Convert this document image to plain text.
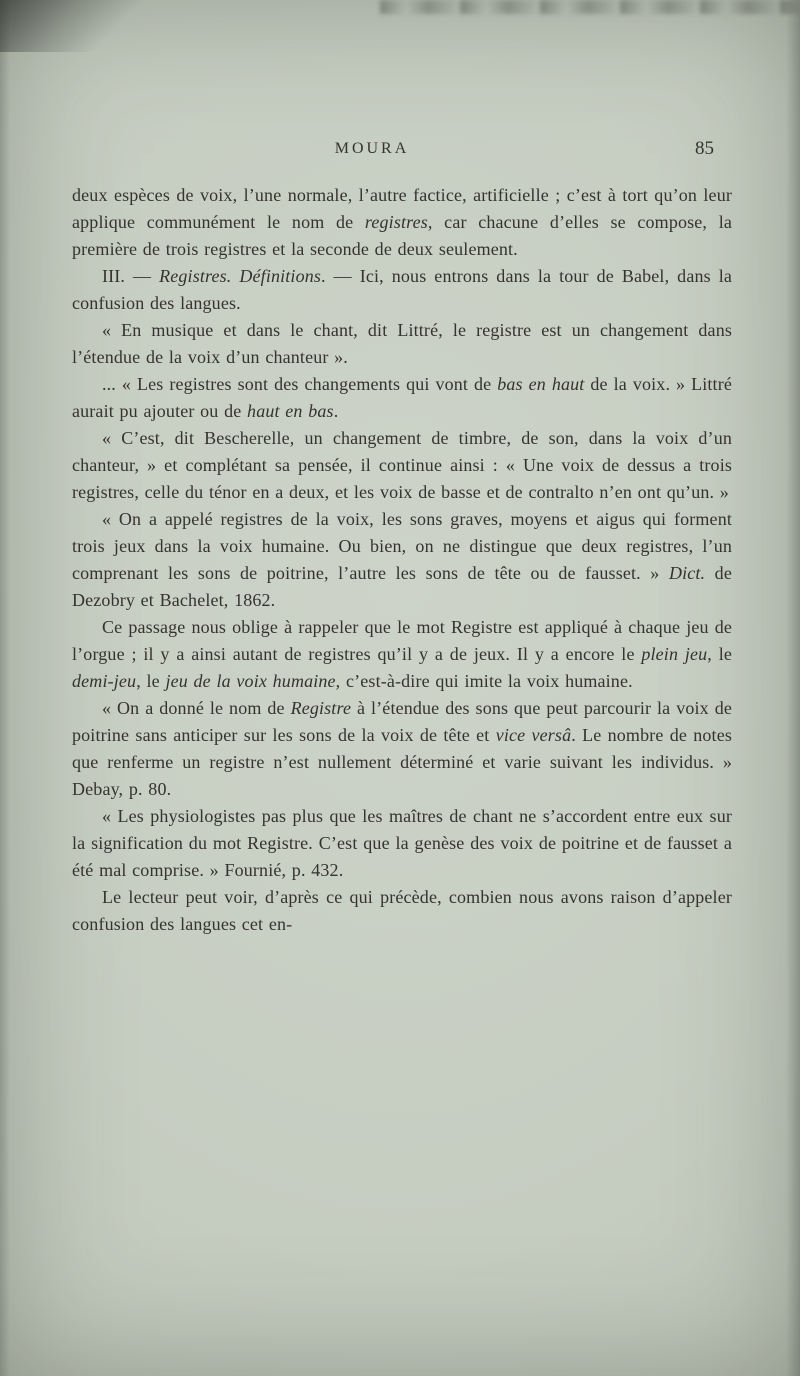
MOURA	85

deux espèces de voix, l’une normale, l’autre factice, artificielle ; c’est à tort qu’on leur applique communément le nom de registres, car chacune d’elles se compose, la première de trois registres et la seconde de deux seulement.

III. — Registres. Définitions. — Ici, nous entrons dans la tour de Babel, dans la confusion des langues.

« En musique et dans le chant, dit Littré, le registre est un changement dans l’étendue de la voix d’un chanteur ».

... « Les registres sont des changements qui vont de bas en haut de la voix. » Littré aurait pu ajouter ou de haut en bas.

« C’est, dit Bescherelle, un changement de timbre, de son, dans la voix d’un chanteur, » et complétant sa pensée, il continue ainsi : « Une voix de dessus a trois registres, celle du ténor en a deux, et les voix de basse et de contralto n’en ont qu’un. »

« On a appelé registres de la voix, les sons graves, moyens et aigus qui forment trois jeux dans la voix humaine. Ou bien, on ne distingue que deux registres, l’un comprenant les sons de poitrine, l’autre les sons de tête ou de fausset. » Dict. de Dezobry et Bachelet, 1862.

Ce passage nous oblige à rappeler que le mot Registre est appliqué à chaque jeu de l’orgue ; il y a ainsi autant de registres qu’il y a de jeux. Il y a encore le plein jeu, le demi-jeu, le jeu de la voix humaine, c’est-à-dire qui imite la voix humaine.

« On a donné le nom de Registre à l’étendue des sons que peut parcourir la voix de poitrine sans anticiper sur les sons de la voix de tête et vice versâ. Le nombre de notes que renferme un registre n’est nullement déterminé et varie suivant les individus. » Debay, p. 80.

« Les physiologistes pas plus que les maîtres de chant ne s’accordent entre eux sur la signification du mot Registre. C’est que la genèse des voix de poitrine et de fausset a été mal comprise. » Fournié, p. 432.

Le lecteur peut voir, d’après ce qui précède, combien nous avons raison d’appeler confusion des langues cet en-
